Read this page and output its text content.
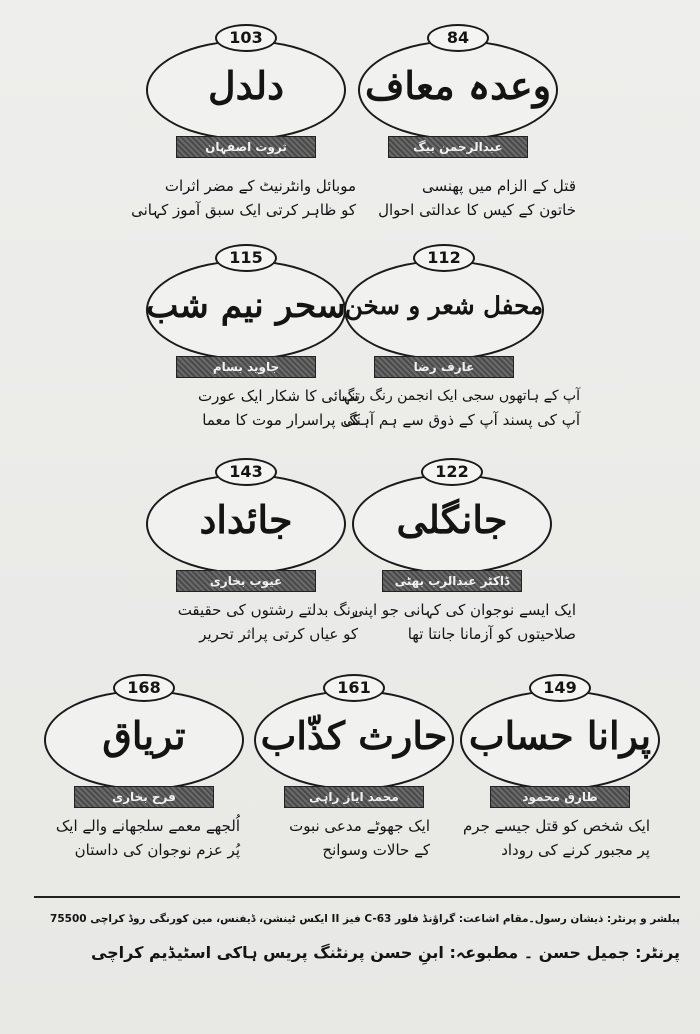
84
وعدہ معاف
عبدالرحمن بیگ
قتل کے الزام میں پھنسی
خاتون کے کیس کا عدالتی احوال
103
دلدل
ثروت اصفہان
موبائل وانٹرنیٹ کے مضر اثرات
کو ظاہر کرتی ایک سبق آموز کہانی
112
محفل شعر و سخن
عارف رضا
آپ کے ہاتھوں سجی ایک انجمن رنگ رنگ
آپ کی پسند آپ کے ذوق سے ہم آہنگ
115
سحر نیم شب
جاوید بسام
تنہائی کا شکار ایک عورت
کی پراسرار موت کا معما
122
جانگلی
ڈاکٹر عبدالرب بھٹی
ایک ایسے نوجوان کی کہانی جو اپنی
صلاحیتوں کو آزمانا جانتا تھا
143
جائداد
عیوب بخاری
رنگ بدلتے رشتوں کی حقیقت
کو عیاں کرتی پراثر تحریر
149
پرانا حساب
طارق محمود
ایک شخص کو قتل جیسے جرم
پر مجبور کرنے کی روداد
161
حارث کذّاب
محمد ایاز راہی
ایک جھوٹے مدعی نبوت
کے حالات وسوانح
168
تریاق
فرح بخاری
اُلجھے معمے سلجھانے والے ایک
پُر عزم نوجوان کی داستان
پبلشر و پرنٹر: ذیشان رسول۔مقام اشاعت: گراؤنڈ فلور C-63 فیز II ایکس ٹینشن، ڈیفنس، مین کورنگی روڈ کراچی 75500
پرنٹر: جمیل حسن ۔ مطبوعہ: ابنِ حسن پرنٹنگ پریس ہاکی اسٹیڈیم کراچی
